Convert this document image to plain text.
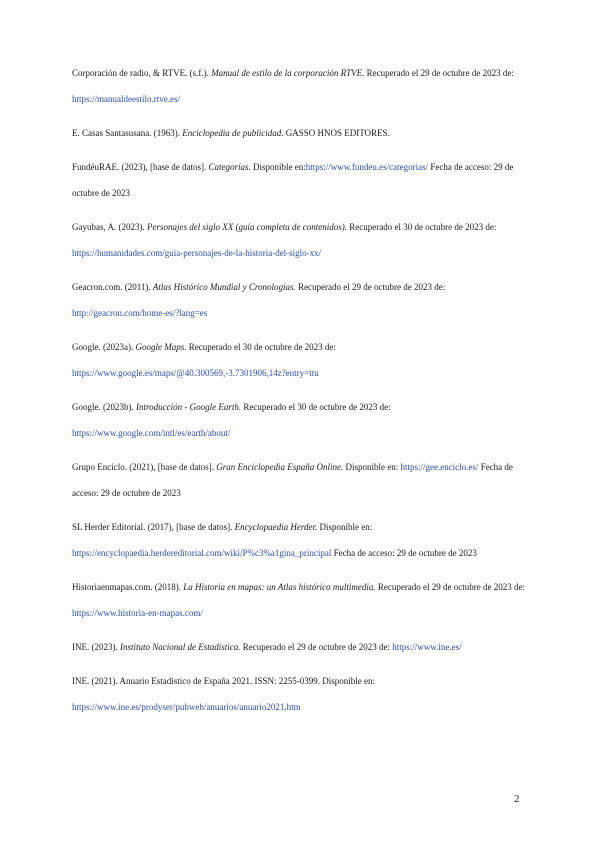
Corporación de radio, & RTVE. (s.f.). Manual de estilo de la corporación RTVE. Recuperado el 29 de octubre de 2023 de: https://manualdeestilo.rtve.es/

E. Casas Santasusana. (1963). Enciclopedia de publicidad. GASSO HNOS EDITORES.

FundéuRAE. (2023), [base de datos]. Categorías. Disponible en:https://www.fundeu.es/categorias/ Fecha de acceso: 29 de octubre de 2023

Gayubas, A. (2023). Personajes del siglo XX (guía completa de contenidos). Recuperado el 30 de octubre de 2023 de: https://humanidades.com/guia-personajes-de-la-historia-del-siglo-xx/

Geacron.com. (2011). Atlas Histórico Mundial y Cronologías. Recuperado el 29 de octubre de 2023 de: http://geacron.com/home-es/?lang=es

Google. (2023a). Google Maps. Recuperado el 30 de octubre de 2023 de: https://www.google.es/maps/@40.300569,-3.7301906,14z?entry=ttu

Google. (2023b). Introducción - Google Earth. Recuperado el 30 de octubre de 2023 de: https://www.google.com/intl/es/earth/about/

Grupo Enciclo. (2021), [base de datos]. Gran Enciclopedia España Online. Disponible en: https://gee.enciclo.es/ Fecha de acceso: 29 de octubre de 2023

SL Herder Editorial. (2017), [base de datos]. Encyclopaedia Herder. Disponible en: https://encyclopaedia.herdereditorial.com/wiki/P%c3%a1gina_principal Fecha de acceso: 29 de octubre de 2023

Historiaenmapas.com. (2018). La Historia en mapas: un Atlas histórico multimedia. Recuperado el 29 de octubre de 2023 de: https://www.historia-en-mapas.com/

INE. (2023). Instituto Nacional de Estadística. Recuperado el 29 de octubre de 2023 de: https://www.ine.es/

INE. (2021). Anuario Estadístico de España 2021. ISSN: 2255-0399. Disponible en: https://www.ine.es/prodyser/pubweb/anuarios/anuario2021.htm

2
